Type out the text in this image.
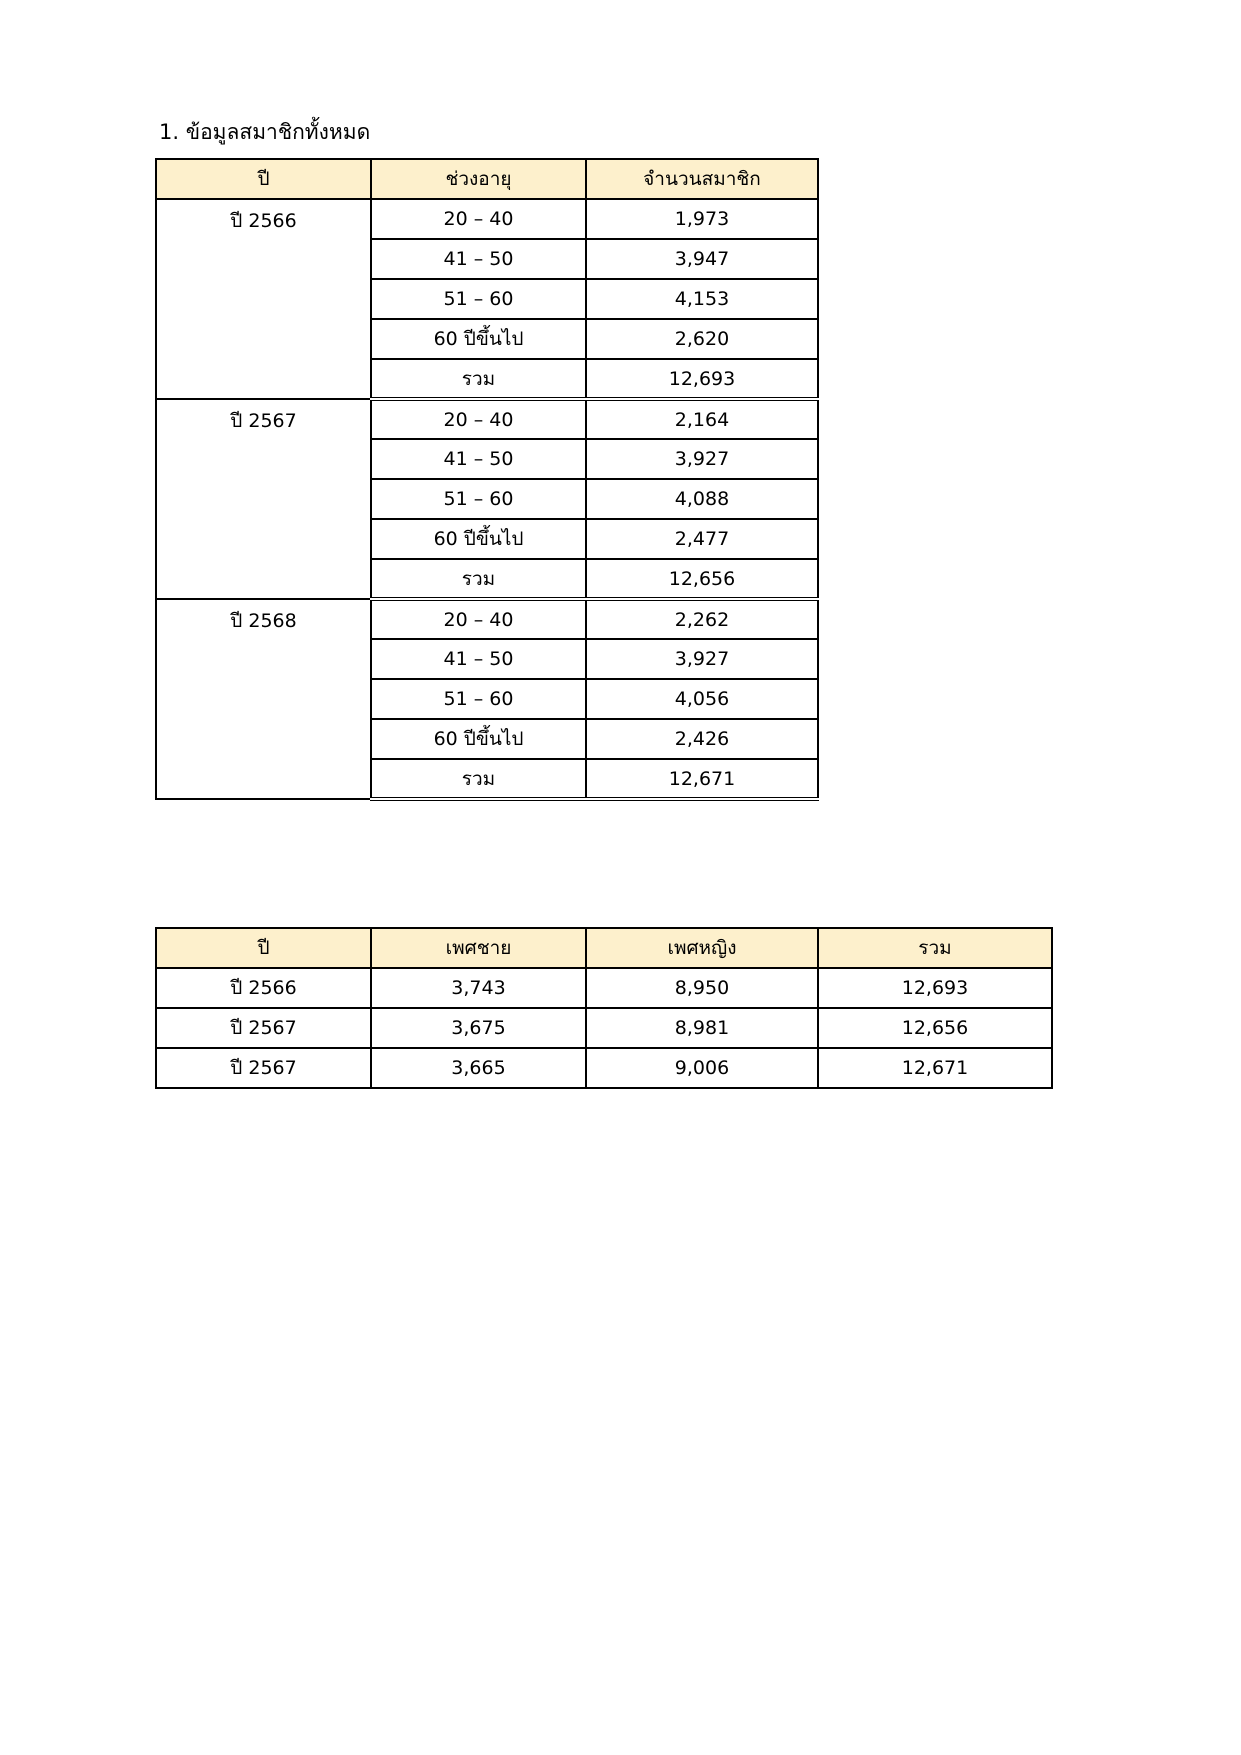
1. ข้อมูลสมาชิกทั้งหมด
ปี	ช่วงอายุ	จำนวนสมาชิก
ปี 2566	20 – 40	1,973
	41 – 50	3,947
	51 – 60	4,153
	60 ปีขึ้นไป	2,620
	รวม	12,693
ปี 2567	20 – 40	2,164
	41 – 50	3,927
	51 – 60	4,088
	60 ปีขึ้นไป	2,477
	รวม	12,656
ปี 2568	20 – 40	2,262
	41 – 50	3,927
	51 – 60	4,056
	60 ปีขึ้นไป	2,426
	รวม	12,671
ปี	เพศชาย	เพศหญิง	รวม
ปี 2566	3,743	8,950	12,693
ปี 2567	3,675	8,981	12,656
ปี 2567	3,665	9,006	12,671
